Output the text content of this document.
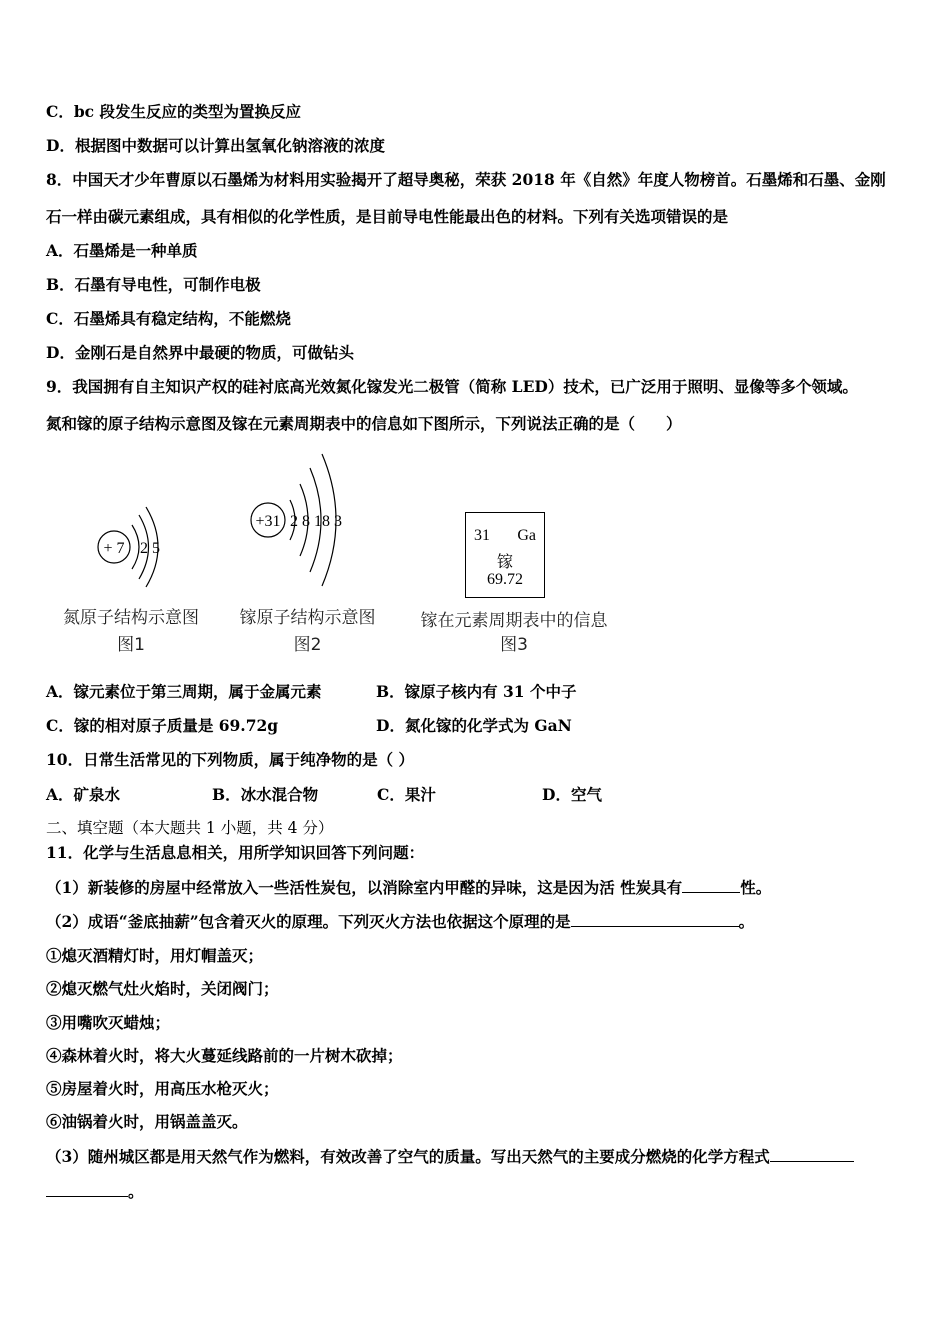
C．bc 段发生反应的类型为置换反应
D．根据图中数据可以计算出氢氧化钠溶液的浓度
8．中国天才少年曹原以石墨烯为材料用实验揭开了超导奥秘，荣获 2018 年《自然》年度人物榜首。石墨烯和石墨、金刚
石一样由碳元素组成，具有相似的化学性质，是目前导电性能最出色的材料。下列有关选项错误的是
A．石墨烯是一种单质
B．石墨有导电性，可制作电极
C．石墨烯具有稳定结构，不能燃烧
D．金刚石是自然界中最硬的物质，可做钻头
9．我国拥有自主知识产权的硅衬底高光效氮化镓发光二极管（简称 LED）技术，已广泛用于照明、显像等多个领域。
氮和镓的原子结构示意图及镓在元素周期表中的信息如下图所示，下列说法正确的是（　　）
+ 7 2 5
氮原子结构示意图
图1
+31 2 8 18 3
镓原子结构示意图
图2
31 Ga
镓
69.72
镓在元素周期表中的信息
图3
A．镓元素位于第三周期，属于金属元素	B．镓原子核内有 31 个中子
C．镓的相对原子质量是 69.72g	D．氮化镓的化学式为 GaN
10．日常生活常见的下列物质，属于纯净物的是（ ）
A．矿泉水	B．冰水混合物	C．果汁	D．空气
二、填空题（本大题共 1 小题，共 4 分）
11．化学与生活息息相关，用所学知识回答下列问题：
（1）新装修的房屋中经常放入一些活性炭包，以消除室内甲醛的异味，这是因为活 性炭具有	性。
（2）成语“釜底抽薪”包含着灭火的原理。下列灭火方法也依据这个原理的是	。
①熄灭酒精灯时，用灯帽盖灭；
②熄灭燃气灶火焰时，关闭阀门；
③用嘴吹灭蜡烛；
④森林着火时，将大火蔓延线路前的一片树木砍掉；
⑤房屋着火时，用高压水枪灭火；
⑥油锅着火时，用锅盖盖灭。
（3）随州城区都是用天然气作为燃料，有效改善了空气的质量。写出天然气的主要成分燃烧的化学方程式
。
